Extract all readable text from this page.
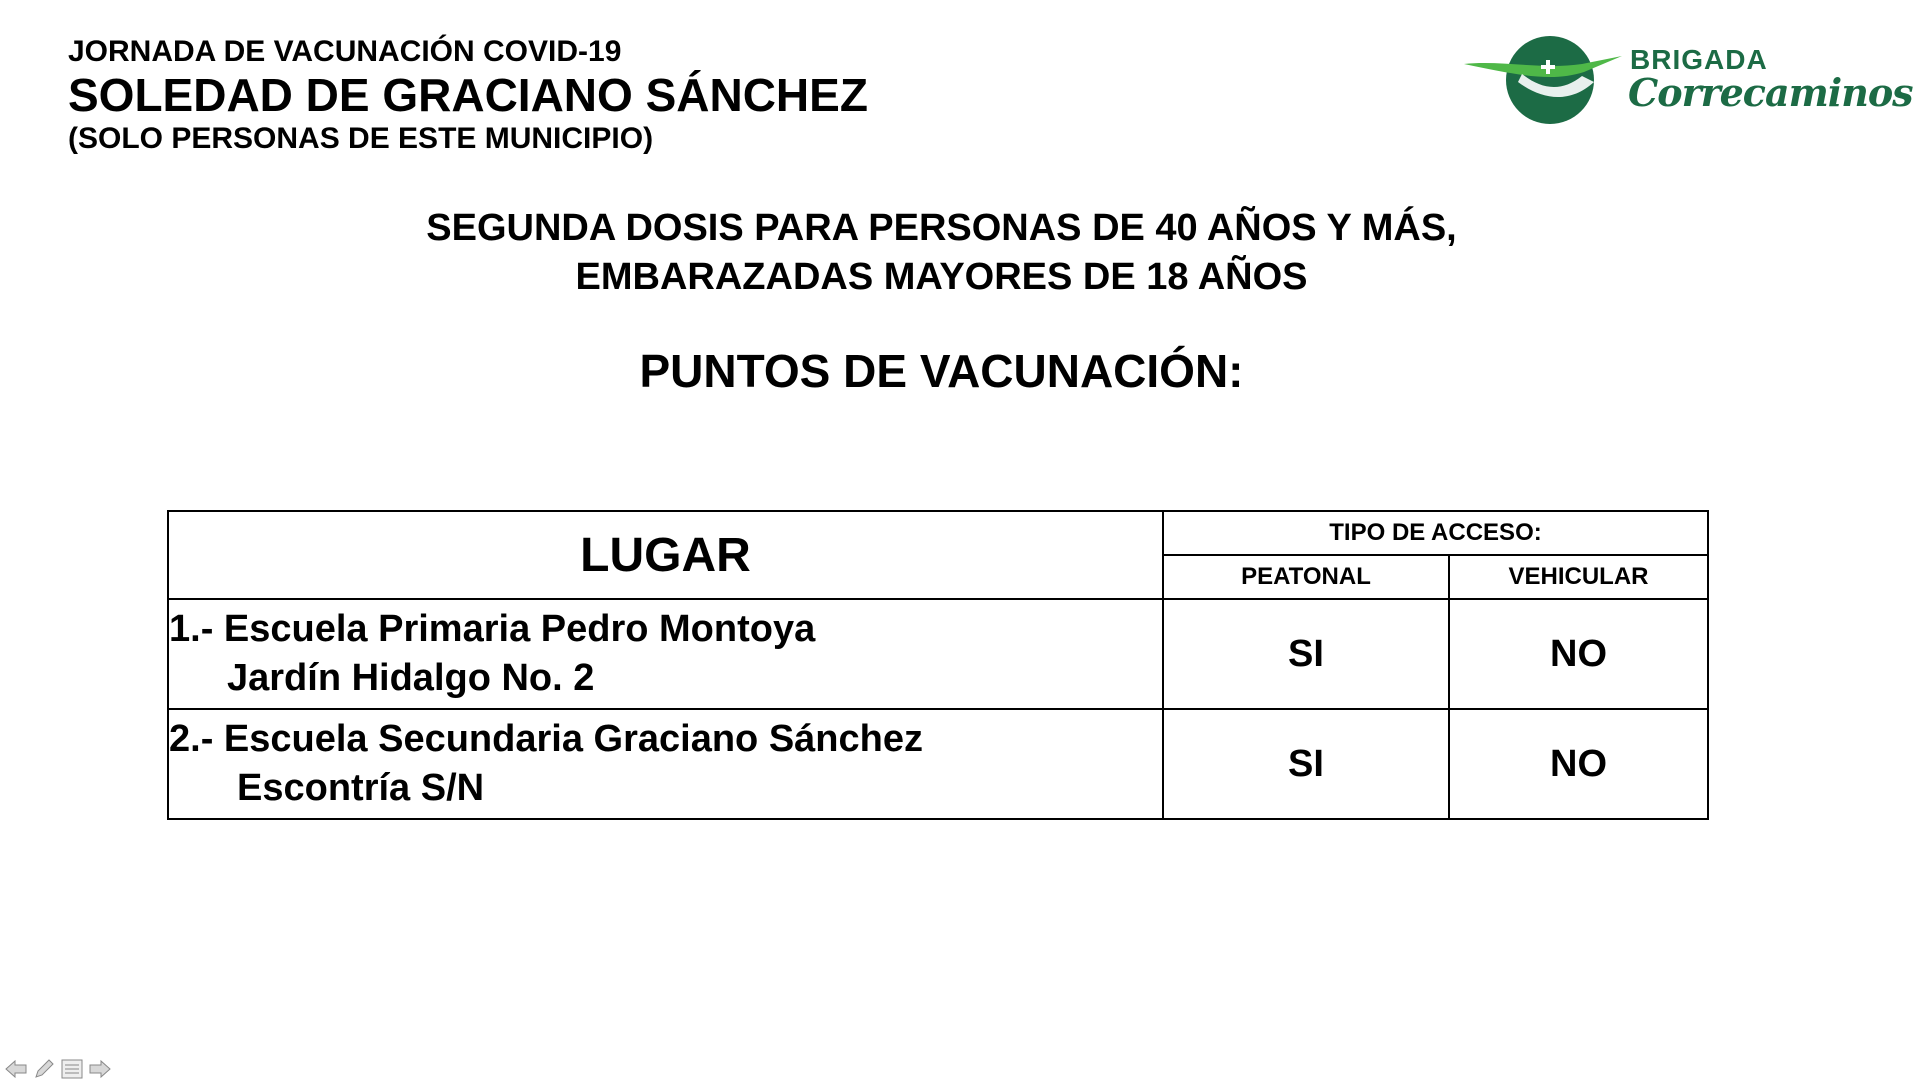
JORNADA DE VACUNACIÓN COVID-19
SOLEDAD DE GRACIANO SÁNCHEZ
(SOLO PERSONAS DE ESTE MUNICIPIO)
BRIGADA
Correcaminos
SEGUNDA DOSIS PARA PERSONAS DE 40 AÑOS Y MÁS,
EMBARAZADAS MAYORES DE 18 AÑOS
PUNTOS DE VACUNACIÓN:
LUGAR	TIPO DE ACCESO:	
	PEATONAL	VEHICULAR
1.- Escuela Primaria Pedro Montoya
Jardín Hidalgo No. 2	SI	NO
2.- Escuela Secundaria Graciano Sánchez
Escontría S/N	SI	NO
